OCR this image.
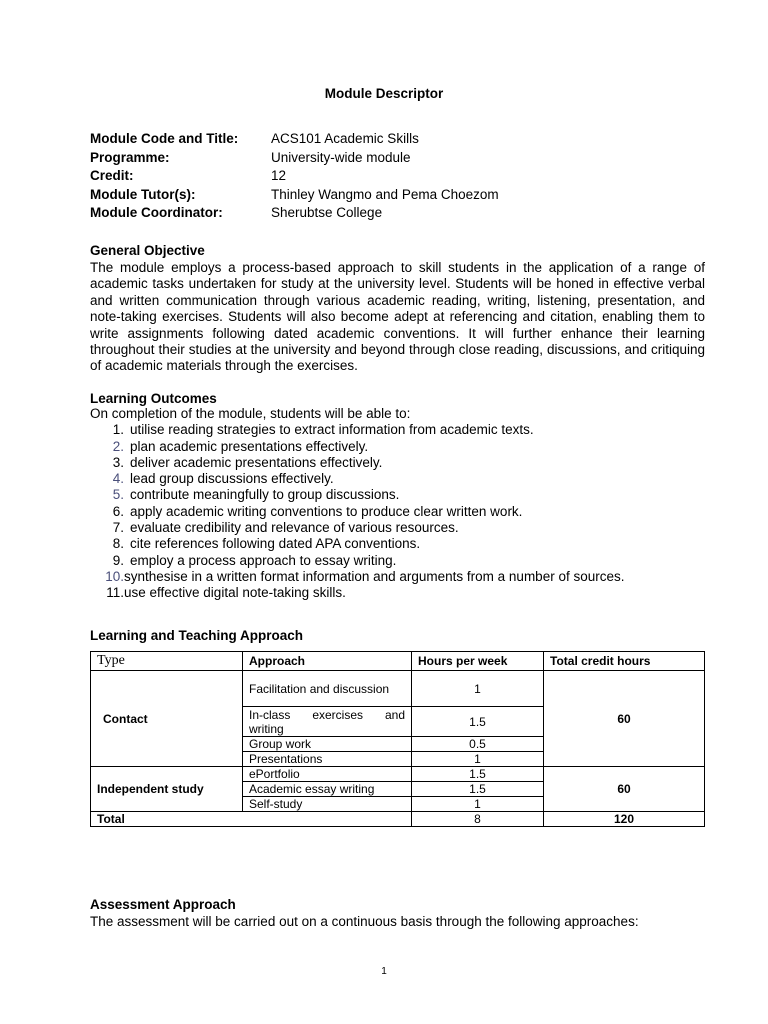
Module Descriptor
Module Code and Title:	ACS101 Academic Skills
Programme:	University-wide module
Credit:	12
Module Tutor(s):	Thinley Wangmo and Pema Choezom
Module Coordinator:	Sherubtse College
General Objective
The module employs a process-based approach to skill students in the application of a range of academic tasks undertaken for study at the university level. Students will be honed in effective verbal and written communication through various academic reading, writing, listening, presentation, and note-taking exercises. Students will also become adept at referencing and citation, enabling them to write assignments following dated academic conventions. It will further enhance their learning throughout their studies at the university and beyond through close reading, discussions, and critiquing of academic materials through the exercises.
Learning Outcomes
On completion of the module, students will be able to:
1. utilise reading strategies to extract information from academic texts.
2. plan academic presentations effectively.
3. deliver academic presentations effectively.
4. lead group discussions effectively.
5. contribute meaningfully to group discussions.
6. apply academic writing conventions to produce clear written work.
7. evaluate credibility and relevance of various resources.
8. cite references following dated APA conventions.
9. employ a process approach to essay writing.
10. synthesise in a written format information and arguments from a number of sources.
11. use effective digital note-taking skills.
Learning and Teaching Approach
Type	Approach	Hours per week	Total credit hours
Contact	Facilitation and discussion	1	60
	In-class exercises and writing	1.5	
	Group work	0.5	
	Presentations	1	
Independent study	ePortfolio	1.5	60
	Academic essay writing	1.5	
	Self-study	1	
Total		8	120
Assessment Approach
The assessment will be carried out on a continuous basis through the following approaches:
1
